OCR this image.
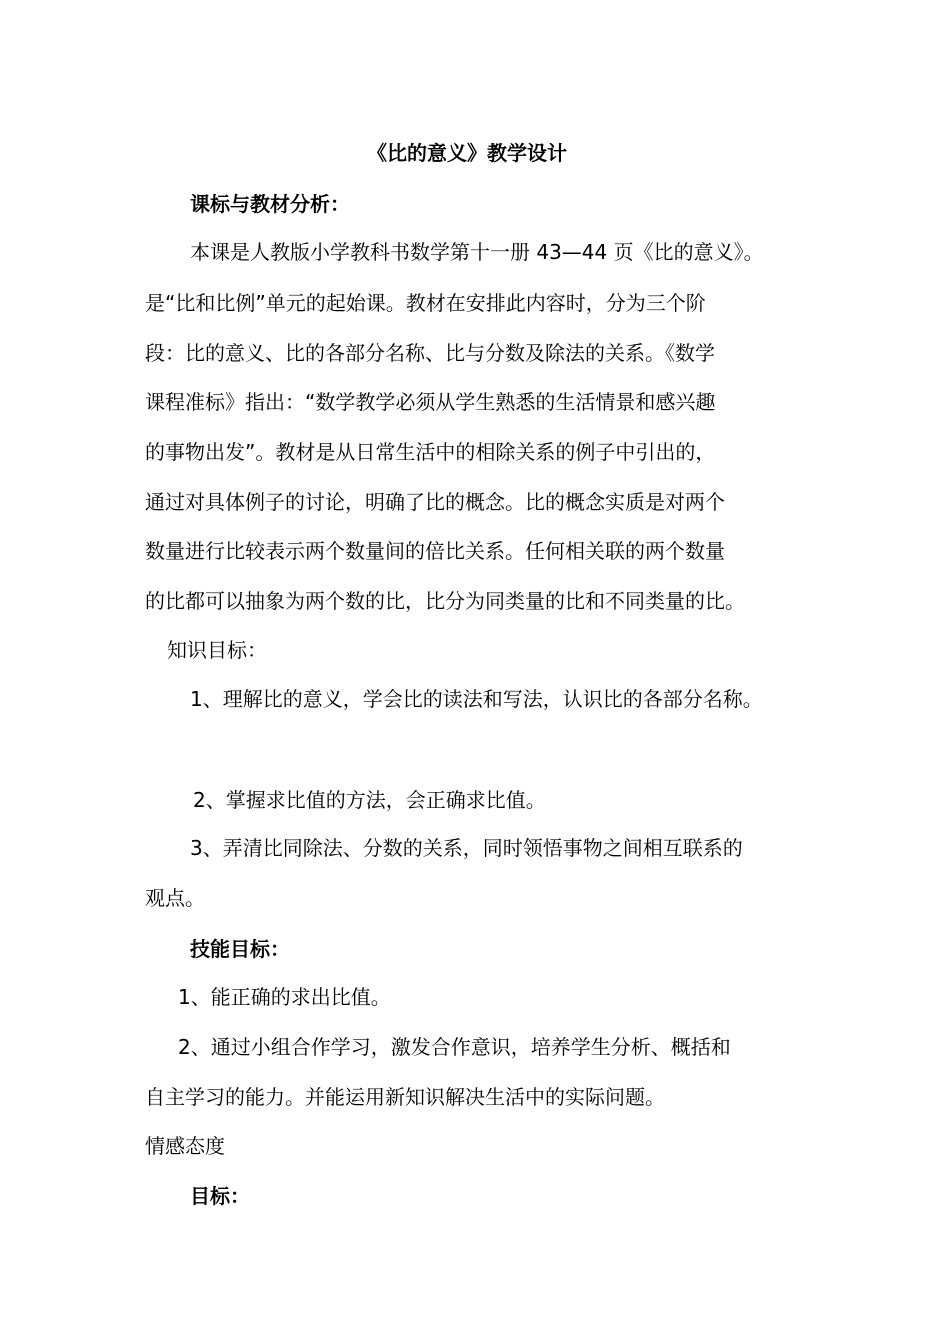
《比的意义》教学设计
课标与教材分析：
本课是人教版小学教科书数学第十一册 43—44 页《比的意义》。
是“比和比例”单元的起始课。教材在安排此内容时，分为三个阶
段：比的意义、比的各部分名称、比与分数及除法的关系。《数学
课程准标》指出：“数学教学必须从学生熟悉的生活情景和感兴趣
的事物出发”。教材是从日常生活中的相除关系的例子中引出的，
通过对具体例子的讨论，明确了比的概念。比的概念实质是对两个
数量进行比较表示两个数量间的倍比关系。任何相关联的两个数量
的比都可以抽象为两个数的比，比分为同类量的比和不同类量的比。
知识目标：
1、理解比的意义，学会比的读法和写法，认识比的各部分名称。
2、掌握求比值的方法，会正确求比值。
3、弄清比同除法、分数的关系，同时领悟事物之间相互联系的
观点。
技能目标：
1、能正确的求出比值。
2、通过小组合作学习，激发合作意识，培养学生分析、概括和
自主学习的能力。并能运用新知识解决生活中的实际问题。
情感态度
目标：
